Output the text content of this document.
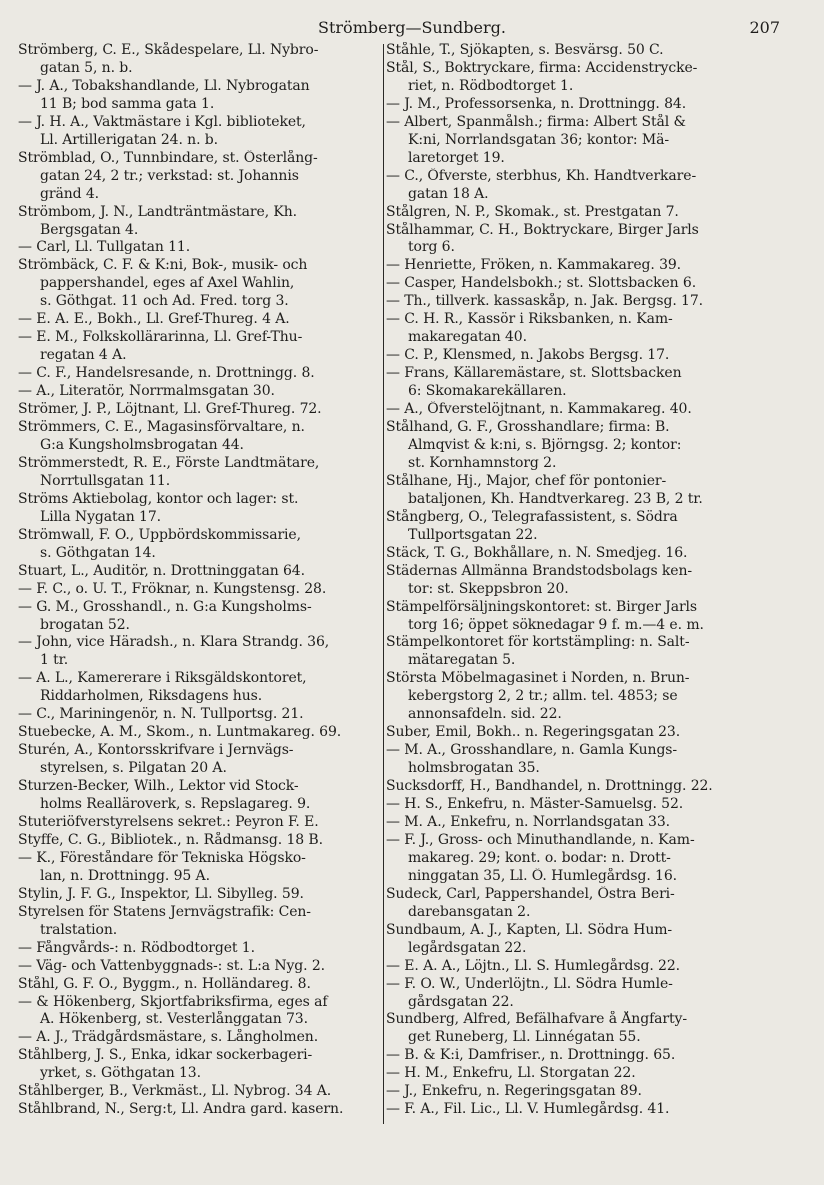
Strömberg—Sundberg.	207
Strömberg, C. E., Skådespelare, Ll. Nybro-
gatan 5, n. b.
— J. A., Tobakshandlande, Ll. Nybrogatan
11 B; bod samma gata 1.
— J. H. A., Vaktmästare i Kgl. biblioteket,
Ll. Artillerigatan 24. n. b.
Strömblad, O., Tunnbindare, st. Österlång-
gatan 24, 2 tr.; verkstad: st. Johannis
gränd 4.
Strömbom, J. N., Landträntmästare, Kh.
Bergsgatan 4.
— Carl, Ll. Tullgatan 11.
Strömbäck, C. F. & K:ni, Bok-, musik- och
pappershandel, eges af Axel Wahlin,
s. Göthgat. 11 och Ad. Fred. torg 3.
— E. A. E., Bokh., Ll. Gref-Thureg. 4 A.
— E. M., Folkskollärarinna, Ll. Gref-Thu-
regatan 4 A.
— C. F., Handelsresande, n. Drottningg. 8.
— A., Literatör, Norrmalmsgatan 30.
Strömer, J. P., Löjtnant, Ll. Gref-Thureg. 72.
Strömmers, C. E., Magasinsförvaltare, n.
G:a Kungsholmsbrogatan 44.
Strömmerstedt, R. E., Förste Landtmätare,
Norrtullsgatan 11.
Ströms Aktiebolag, kontor och lager: st.
Lilla Nygatan 17.
Strömwall, F. O., Uppbördskommissarie,
s. Göthgatan 14.
Stuart, L., Auditör, n. Drottninggatan 64.
— F. C., o. U. T., Fröknar, n. Kungstensg. 28.
— G. M., Grosshandl., n. G:a Kungsholms-
brogatan 52.
— John, vice Häradsh., n. Klara Strandg. 36,
1 tr.
— A. L., Kamererare i Riksgäldskontoret,
Riddarholmen, Riksdagens hus.
— C., Mariningenör, n. N. Tullportsg. 21.
Stuebecke, A. M., Skom., n. Luntmakareg. 69.
Sturén, A., Kontorsskrifvare i Jernvägs-
styrelsen, s. Pilgatan 20 A.
Sturzen-Becker, Wilh., Lektor vid Stock-
holms Realläroverk, s. Repslagareg. 9.
Stuteriöfverstyrelsens sekret.: Peyron F. E.
Styffe, C. G., Bibliotek., n. Rådmansg. 18 B.
— K., Föreståndare för Tekniska Högsko-
lan, n. Drottningg. 95 A.
Stylin, J. F. G., Inspektor, Ll. Sibylleg. 59.
Styrelsen för Statens Jernvägstrafik: Cen-
tralstation.
— Fångvårds-: n. Rödbodtorget 1.
— Väg- och Vattenbyggnads-: st. L:a Nyg. 2.
Ståhl, G. F. O., Byggm., n. Holländareg. 8.
— & Hökenberg, Skjortfabriksfirma, eges af
A. Hökenberg, st. Vesterlånggatan 73.
— A. J., Trädgårdsmästare, s. Långholmen.
Ståhlberg, J. S., Enka, idkar sockerbageri-
yrket, s. Göthgatan 13.
Ståhlberger, B., Verkmäst., Ll. Nybrog. 34 A.
Ståhlbrand, N., Serg:t, Ll. Andra gard. kasern.
Ståhle, T., Sjökapten, s. Besvärsg. 50 C.
Stål, S., Boktryckare, firma: Accidenstrycke-
riet, n. Rödbodtorget 1.
— J. M., Professorsenka, n. Drottningg. 84.
— Albert, Spanmålsh.; firma: Albert Stål &
K:ni, Norrlandsgatan 36; kontor: Mä-
laretorget 19.
— C., Öfverste, sterbhus, Kh. Handtverkare-
gatan 18 A.
Stålgren, N. P., Skomak., st. Prestgatan 7.
Stålhammar, C. H., Boktryckare, Birger Jarls
torg 6.
— Henriette, Fröken, n. Kammakareg. 39.
— Casper, Handelsbokh.; st. Slottsbacken 6.
— Th., tillverk. kassaskåp, n. Jak. Bergsg. 17.
— C. H. R., Kassör i Riksbanken, n. Kam-
makaregatan 40.
— C. P., Klensmed, n. Jakobs Bergsg. 17.
— Frans, Källaremästare, st. Slottsbacken
6: Skomakarekällaren.
— A., Öfverstelöjtnant, n. Kammakareg. 40.
Stålhand, G. F., Grosshandlare; firma: B.
Almqvist & k:ni, s. Björngsg. 2; kontor:
st. Kornhamnstorg 2.
Stålhane, Hj., Major, chef för pontonier-
bataljonen, Kh. Handtverkareg. 23 B, 2 tr.
Stångberg, O., Telegrafassistent, s. Södra
Tullportsgatan 22.
Stäck, T. G., Bokhållare, n. N. Smedjeg. 16.
Städernas Allmänna Brandstodsbolags ken-
tor: st. Skeppsbron 20.
Stämpelförsäljningskontoret: st. Birger Jarls
torg 16; öppet söknedagar 9 f. m.—4 e. m.
Stämpelkontoret för kortstämpling: n. Salt-
mätaregatan 5.
Största Möbelmagasinet i Norden, n. Brun-
kebergstorg 2, 2 tr.; allm. tel. 4853; se
annonsafdeln. sid. 22.
Suber, Emil, Bokh.. n. Regeringsgatan 23.
— M. A., Grosshandlare, n. Gamla Kungs-
holmsbrogatan 35.
Sucksdorff, H., Bandhandel, n. Drottningg. 22.
— H. S., Enkefru, n. Mäster-Samuelsg. 52.
— M. A., Enkefru, n. Norrlandsgatan 33.
— F. J., Gross- och Minuthandlande, n. Kam-
makareg. 29; kont. o. bodar: n. Drott-
ninggatan 35, Ll. Ö. Humlegårdsg. 16.
Sudeck, Carl, Pappershandel, Östra Beri-
darebansgatan 2.
Sundbaum, A. J., Kapten, Ll. Södra Hum-
legårdsgatan 22.
— E. A. A., Löjtn., Ll. S. Humlegårdsg. 22.
— F. O. W., Underlöjtn., Ll. Södra Humle-
gårdsgatan 22.
Sundberg, Alfred, Befälhafvare å Ångfarty-
get Runeberg, Ll. Linnégatan 55.
— B. & K:i, Damfriser., n. Drottningg. 65.
— H. M., Enkefru, Ll. Storgatan 22.
— J., Enkefru, n. Regeringsgatan 89.
— F. A., Fil. Lic., Ll. V. Humlegårdsg. 41.
